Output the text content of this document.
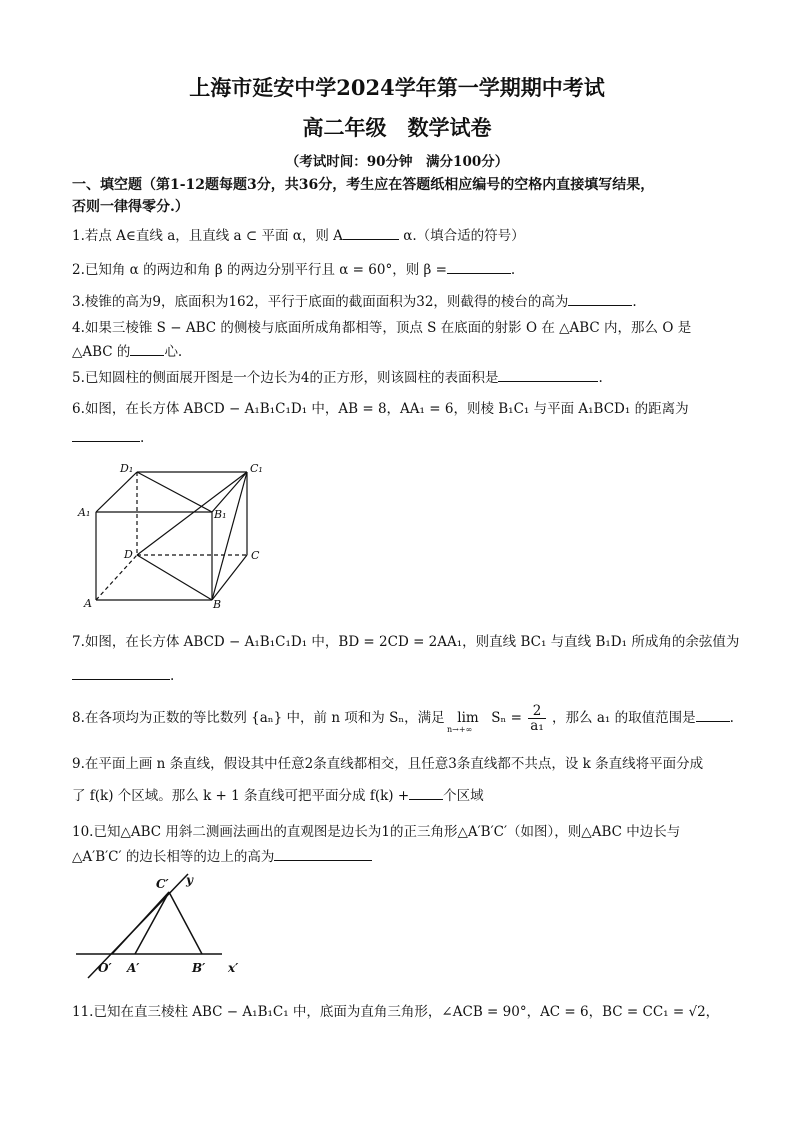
上海市延安中学2024学年第一学期期中考试
高二年级　数学试卷
（考试时间：90分钟　满分100分）
一、填空题（第1-12题每题3分，共36分，考生应在答题纸相应编号的空格内直接填写结果，
否则一律得零分.）
1.若点 A∈直线 a，且直线 a ⊂ 平面 α，则 A	α.（填合适的符号）
2.已知角 α 的两边和角 β 的两边分别平行且 α = 60°，则 β =	.
3.棱锥的高为9，底面积为162，平行于底面的截面面积为32，则截得的棱台的高为	.
4.如果三棱锥 S − ABC 的侧棱与底面所成角都相等，顶点 S 在底面的射影 O 在 △ABC 内，那么 O 是
△ABC 的	心.
5.已知圆柱的侧面展开图是一个边长为4的正方形，则该圆柱的表面积是	.
6.如图，在长方体 ABCD − A₁B₁C₁D₁ 中，AB = 8，AA₁ = 6，则棱 B₁C₁ 与平面 A₁BCD₁ 的距离为
.
D₁	C₁
A₁	B₁
D	C
A	B
7.如图，在长方体 ABCD − A₁B₁C₁D₁ 中，BD = 2CD = 2AA₁，则直线 BC₁ 与直线 B₁D₁ 所成角的余弦值为
.
8.在各项均为正数的等比数列 {aₙ} 中，前 n 项和为 Sₙ，满足 lim
n→+∞
$S_n = \frac{2}{\text{a₁}}$ ，那么 a₁ 的取值范围是	.
9.在平面上画 n 条直线，假设其中任意2条直线都相交，且任意3条直线都不共点，设 k 条直线将平面分成
了 f(k) 个区域。那么 k + 1 条直线可把平面分成 f(k) +	个区域
10.已知△ABC 用斜二测画法画出的直观图是边长为1的正三角形△A′B′C′（如图），则△ABC 中边长与
△A′B′C′ 的边长相等的边上的高为
C′ y
O′ A′	B′ x′
11.已知在直三棱柱 ABC − A₁B₁C₁ 中，底面为直角三角形，∠ACB = 90°，AC = 6，BC = CC₁ = √2，
